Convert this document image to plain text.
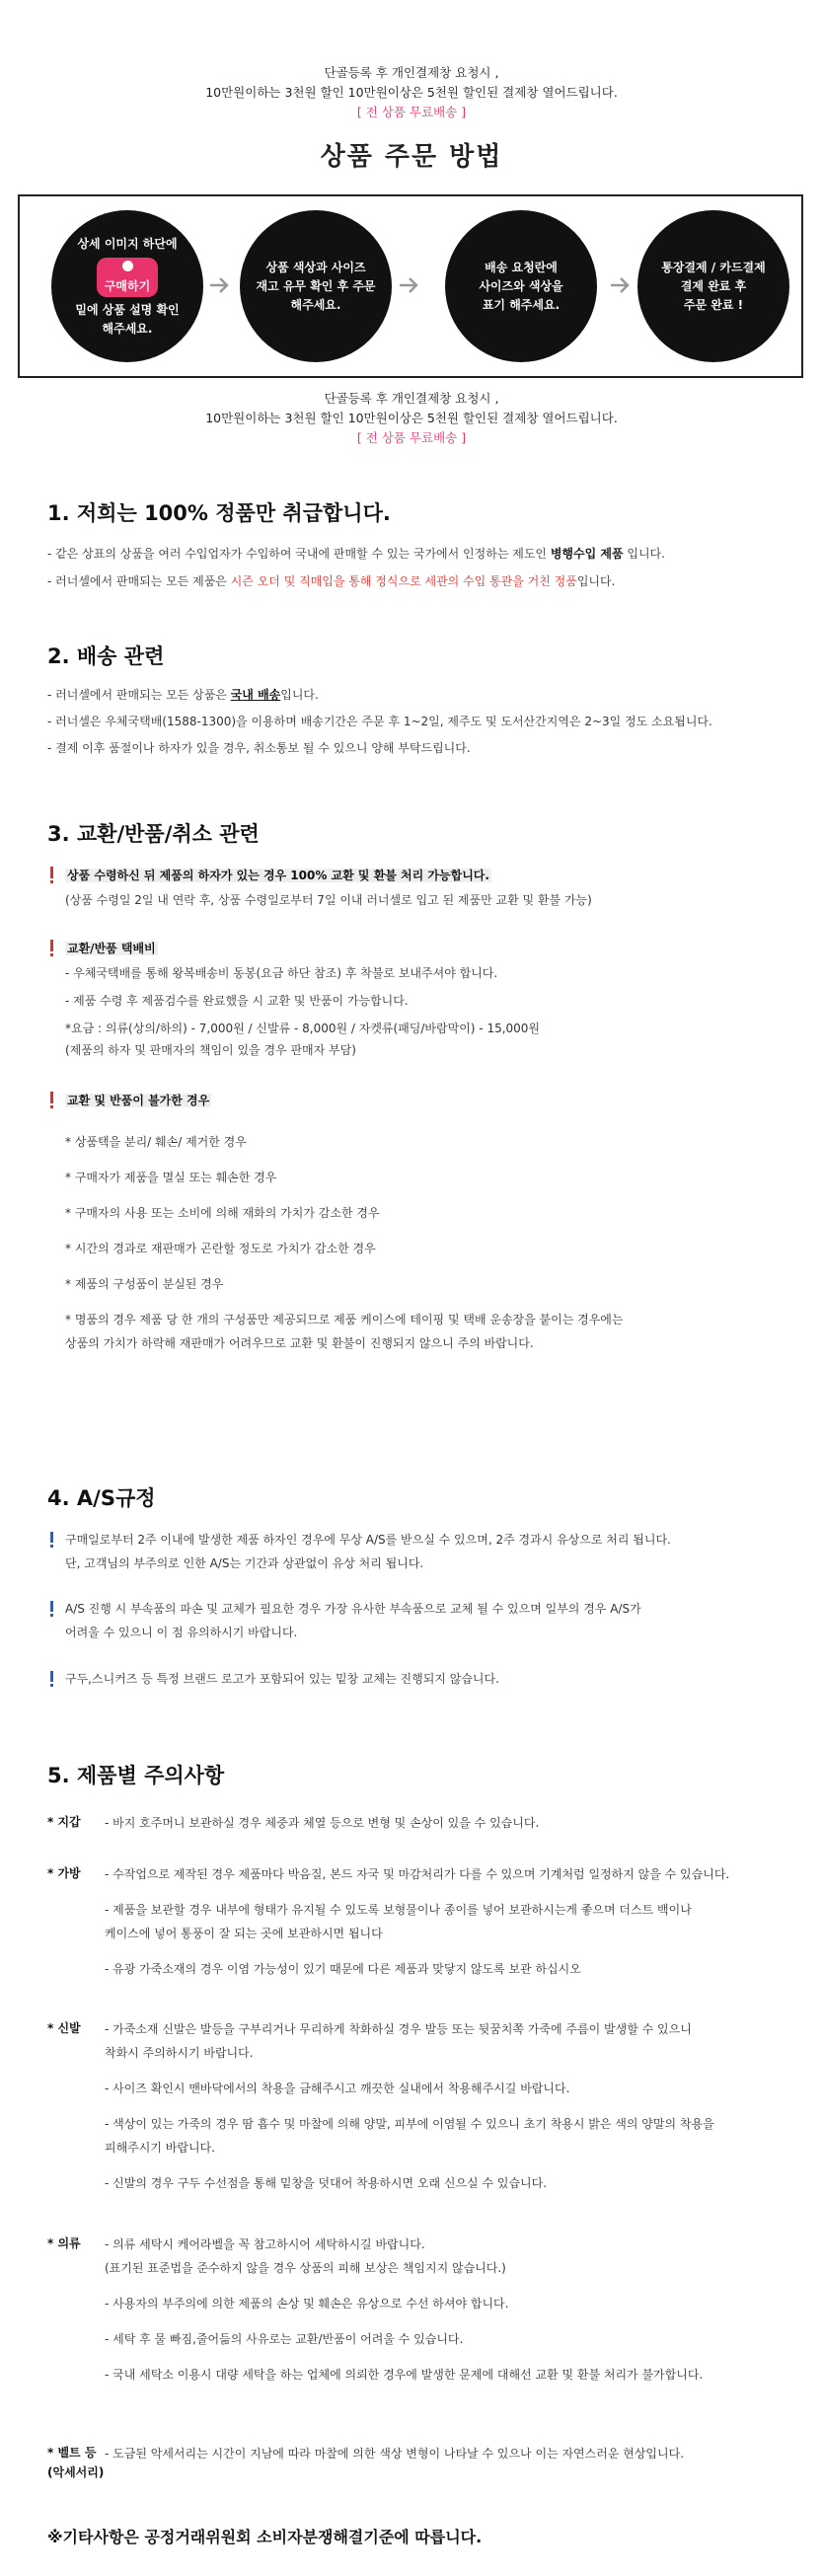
단골등록 후 개인결제창 요청시 ,
10만원이하는 3천원 할인 10만원이상은 5천원 할인된 결제창 열어드립니다.
[ 전 상품 무료배송 ]
상품 주문 방법
상세 이미지 하단에
구매하기
밑에 상품 설명 확인
해주세요.
상품 색상과 사이즈
재고 유무 확인 후 주문
해주세요.
배송 요청란에
사이즈와 색상을
표기 해주세요.
통장결제 / 카드결제
결제 완료 후
주문 완료 !
단골등록 후 개인결제창 요청시 ,
10만원이하는 3천원 할인 10만원이상은 5천원 할인된 결제창 열어드립니다.
[ 전 상품 무료배송 ]
1. 저희는 100% 정품만 취급합니다.
- 같은 상표의 상품을 여러 수입업자가 수입하여 국내에 판매할 수 있는 국가에서 인정하는 제도인 병행수입 제품 입니다.
- 러너셀에서 판매되는 모든 제품은 시즌 오더 및 직매입을 통해 정식으로 세관의 수입 통관을 거친 정품입니다.
2. 배송 관련
- 러너셀에서 판매되는 모든 상품은 국내 배송입니다.
- 러너셀은 우체국택배(1588-1300)을 이용하며 배송기간은 주문 후 1~2일, 제주도 및 도서산간지역은 2~3일 정도 소요됩니다.
- 결제 이후 품절이나 하자가 있을 경우, 취소통보 될 수 있으니 양해 부탁드립니다.
3. 교환/반품/취소 관련
상품 수령하신 뒤 제품의 하자가 있는 경우 100% 교환 및 환불 처리 가능합니다.
(상품 수령일 2일 내 연락 후, 상품 수령일로부터 7일 이내 러너셀로 입고 된 제품만 교환 및 환불 가능)
교환/반품 택배비
- 우체국택배를 통해 왕복배송비 동봉(요금 하단 참조) 후 착불로 보내주셔야 합니다.
- 제품 수령 후 제품검수를 완료했을 시 교환 및 반품이 가능합니다.
*요금 : 의류(상의/하의) - 7,000원 / 신발류 - 8,000원 / 자켓류(패딩/바람막이) - 15,000원
(제품의 하자 및 판매자의 책임이 있을 경우 판매자 부담)
교환 및 반품이 불가한 경우
* 상품택을 분리/ 훼손/ 제거한 경우
* 구매자가 제품을 멸실 또는 훼손한 경우
* 구매자의 사용 또는 소비에 의해 재화의 가치가 감소한 경우
* 시간의 경과로 재판매가 곤란할 정도로 가치가 감소한 경우
* 제품의 구성품이 분실된 경우
* 명품의 경우 제품 당 한 개의 구성품만 제공되므로 제품 케이스에 테이핑 및 택배 운송장을 붙이는 경우에는
상품의 가치가 하락해 재판매가 어려우므로 교환 및 환불이 진행되지 않으니 주의 바랍니다.
4. A/S규정
구매일로부터 2주 이내에 발생한 제품 하자인 경우에 무상 A/S를 받으실 수 있으며, 2주 경과시 유상으로 처리 됩니다.
단, 고객님의 부주의로 인한 A/S는 기간과 상관없이 유상 처리 됩니다.
A/S 진행 시 부속품의 파손 및 교체가 필요한 경우 가장 유사한 부속품으로 교체 될 수 있으며 일부의 경우 A/S가
어려울 수 있으니 이 점 유의하시기 바랍니다.
구두,스니커즈 등 특정 브랜드 로고가 포함되어 있는 밑창 교체는 진행되지 않습니다.
5. 제품별 주의사항
* 지갑 - 바지 호주머니 보관하실 경우 체중과 체열 등으로 변형 및 손상이 있을 수 있습니다.
* 가방 - 수작업으로 제작된 경우 제품마다 박음질, 본드 자국 및 마감처리가 다를 수 있으며 기계처럼 일정하지 않을 수 있습니다.
- 제품을 보관할 경우 내부에 형태가 유지될 수 있도록 보형물이나 종이를 넣어 보관하시는게 좋으며 더스트 백이나
케이스에 넣어 통풍이 잘 되는 곳에 보관하시면 됩니다
- 유광 가죽소재의 경우 이염 가능성이 있기 때문에 다른 제품과 맞닿지 않도록 보관 하십시오
* 신발 - 가죽소재 신발은 발등을 구부리거나 무리하게 착화하실 경우 발등 또는 뒷꿈치쪽 가죽에 주름이 발생할 수 있으니
착화시 주의하시기 바랍니다.
- 사이즈 확인시 맨바닥에서의 착용을 금해주시고 깨끗한 실내에서 착용해주시길 바랍니다.
- 색상이 있는 가죽의 경우 땀 흡수 및 마찰에 의해 양말, 피부에 이염될 수 있으니 초기 착용시 밝은 색의 양말의 착용을
피해주시기 바랍니다.
- 신발의 경우 구두 수선점을 통해 밑창을 덧대어 착용하시면 오래 신으실 수 있습니다.
* 의류 - 의류 세탁시 케어라벨을 꼭 참고하시어 세탁하시길 바랍니다.
(표기된 표준법을 준수하지 않을 경우 상품의 피해 보상은 책임지지 않습니다.)
- 사용자의 부주의에 의한 제품의 손상 및 훼손은 유상으로 수선 하셔야 합니다.
- 세탁 후 물 빠짐,줄어듦의 사유로는 교환/반품이 어려울 수 있습니다.
- 국내 세탁소 이용시 대량 세탁을 하는 업체에 의뢰한 경우에 발생한 문제에 대해선 교환 및 환불 처리가 불가합니다.
* 벨트 등
(악세서리)
- 도금된 악세서리는 시간이 지남에 따라 마찰에 의한 색상 변형이 나타날 수 있으나 이는 자연스러운 현상입니다.
※기타사항은 공정거래위원회 소비자분쟁해결기준에 따릅니다.
